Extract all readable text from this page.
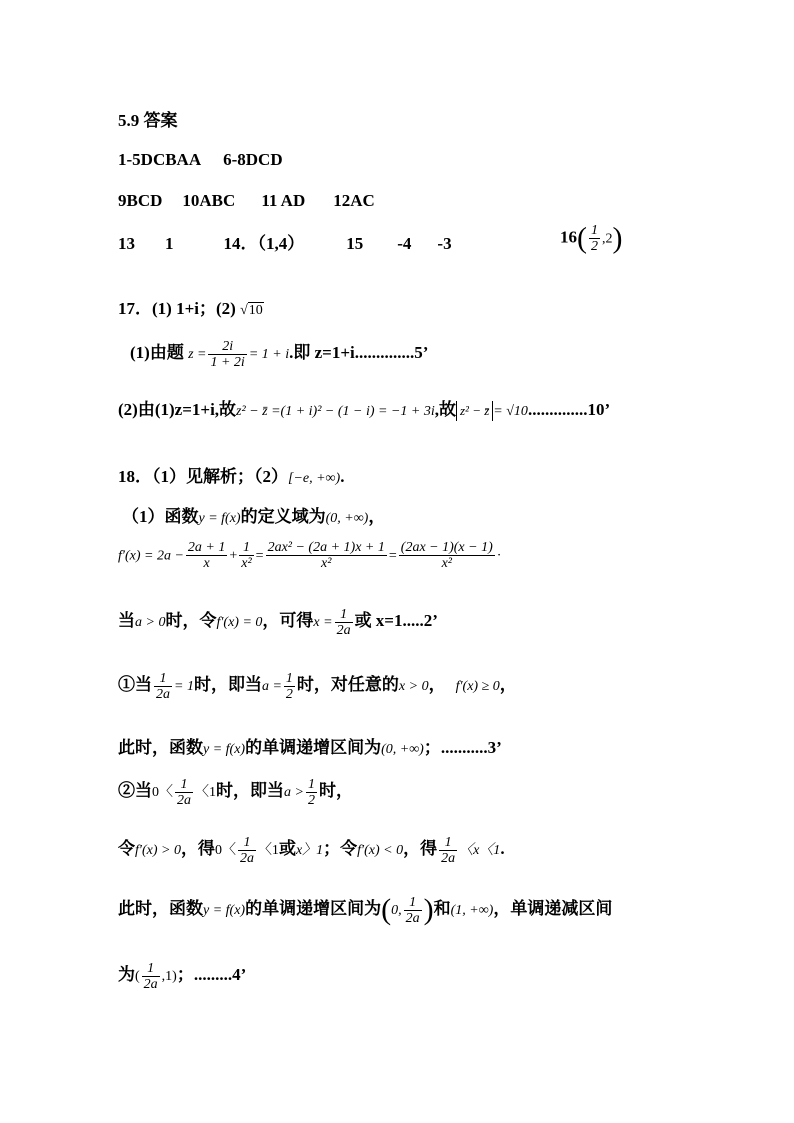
5.9 答案
1-5DCBAA 6-8DCD
9BCD 10ABC 11 AD 12AC
13 1	14．（1,4） 15 -4 -3	$16( \frac{1}{2} ,2)$
17．(1) 1+i；(2) √10
(1)由题 $z = \frac{2i}{1 + 2i} = 1 + i$.即 z=1+i..............5’
(2)由(1)z=1+i,故z² − z̄ =(1 + i)² − (1 − i) = −1 + 3i,故 z² − z̄ = √10..............10’
18．（1）见解析；（2）[−e, +∞).
（1）函数y = f(x)的定义域为(0, +∞)，
$f'(x) = 2a - \frac{2a + 1}{x} + \frac{1}{\text{x²}} = \frac{\text{2ax² − (2a + 1)x + 1}}{\text{x²}} = \frac{(2ax - 1)(x - 1)}{\text{x²}}$ ·
当a > 0时，令f′(x) = 0，可得$x = \frac{1}{2a}$ 或 x=1.....2’
①当 $\frac{1}{2a} = 1$时，即当$a = \frac{1}{2}$ 时，对任意的x > 0， f′(x) ≥ 0，
此时，函数y = f(x)的单调递增区间为(0, +∞)；...........3’
②当0〈 $\frac{1}{2a}$ 〈1时，即当$a > \frac{1}{2}$ 时，
令f′(x) > 0，得0〈 $\frac{1}{2a}$ 〈1或x〉1；令f′(x) < 0，得 $\frac{1}{2a}$ 〈x〈1.
此时，函数y = f(x)的单调递增区间为(0, $\frac{1}{2a}$ )和(1, +∞)，单调递减区间
为( $\frac{1}{2a} ,1$)；.........4’
